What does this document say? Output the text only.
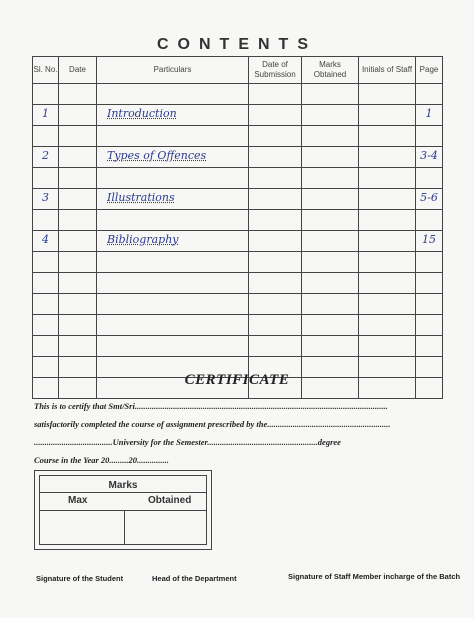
CONTENTS
Sl. No.	Date	Particulars	Date of Submission	Marks Obtained	Initials of Staff	Page

1		Introduction				1

2		Types of Offences				3-4

3		Illustrations				5-6

4		Bibliography				15

CERTIFICATE
This is to certify that Smt/Sri.......................................................................................................................
satisfactorily completed the course of assignment prescribed by the..........................................................
.....................................University for the Semester....................................................degree
Course in the Year 20.........20...............
Marks
Max	Obtained
Signature of the Student	Head of the Department	Signature of Staff Member incharge of the Batch
